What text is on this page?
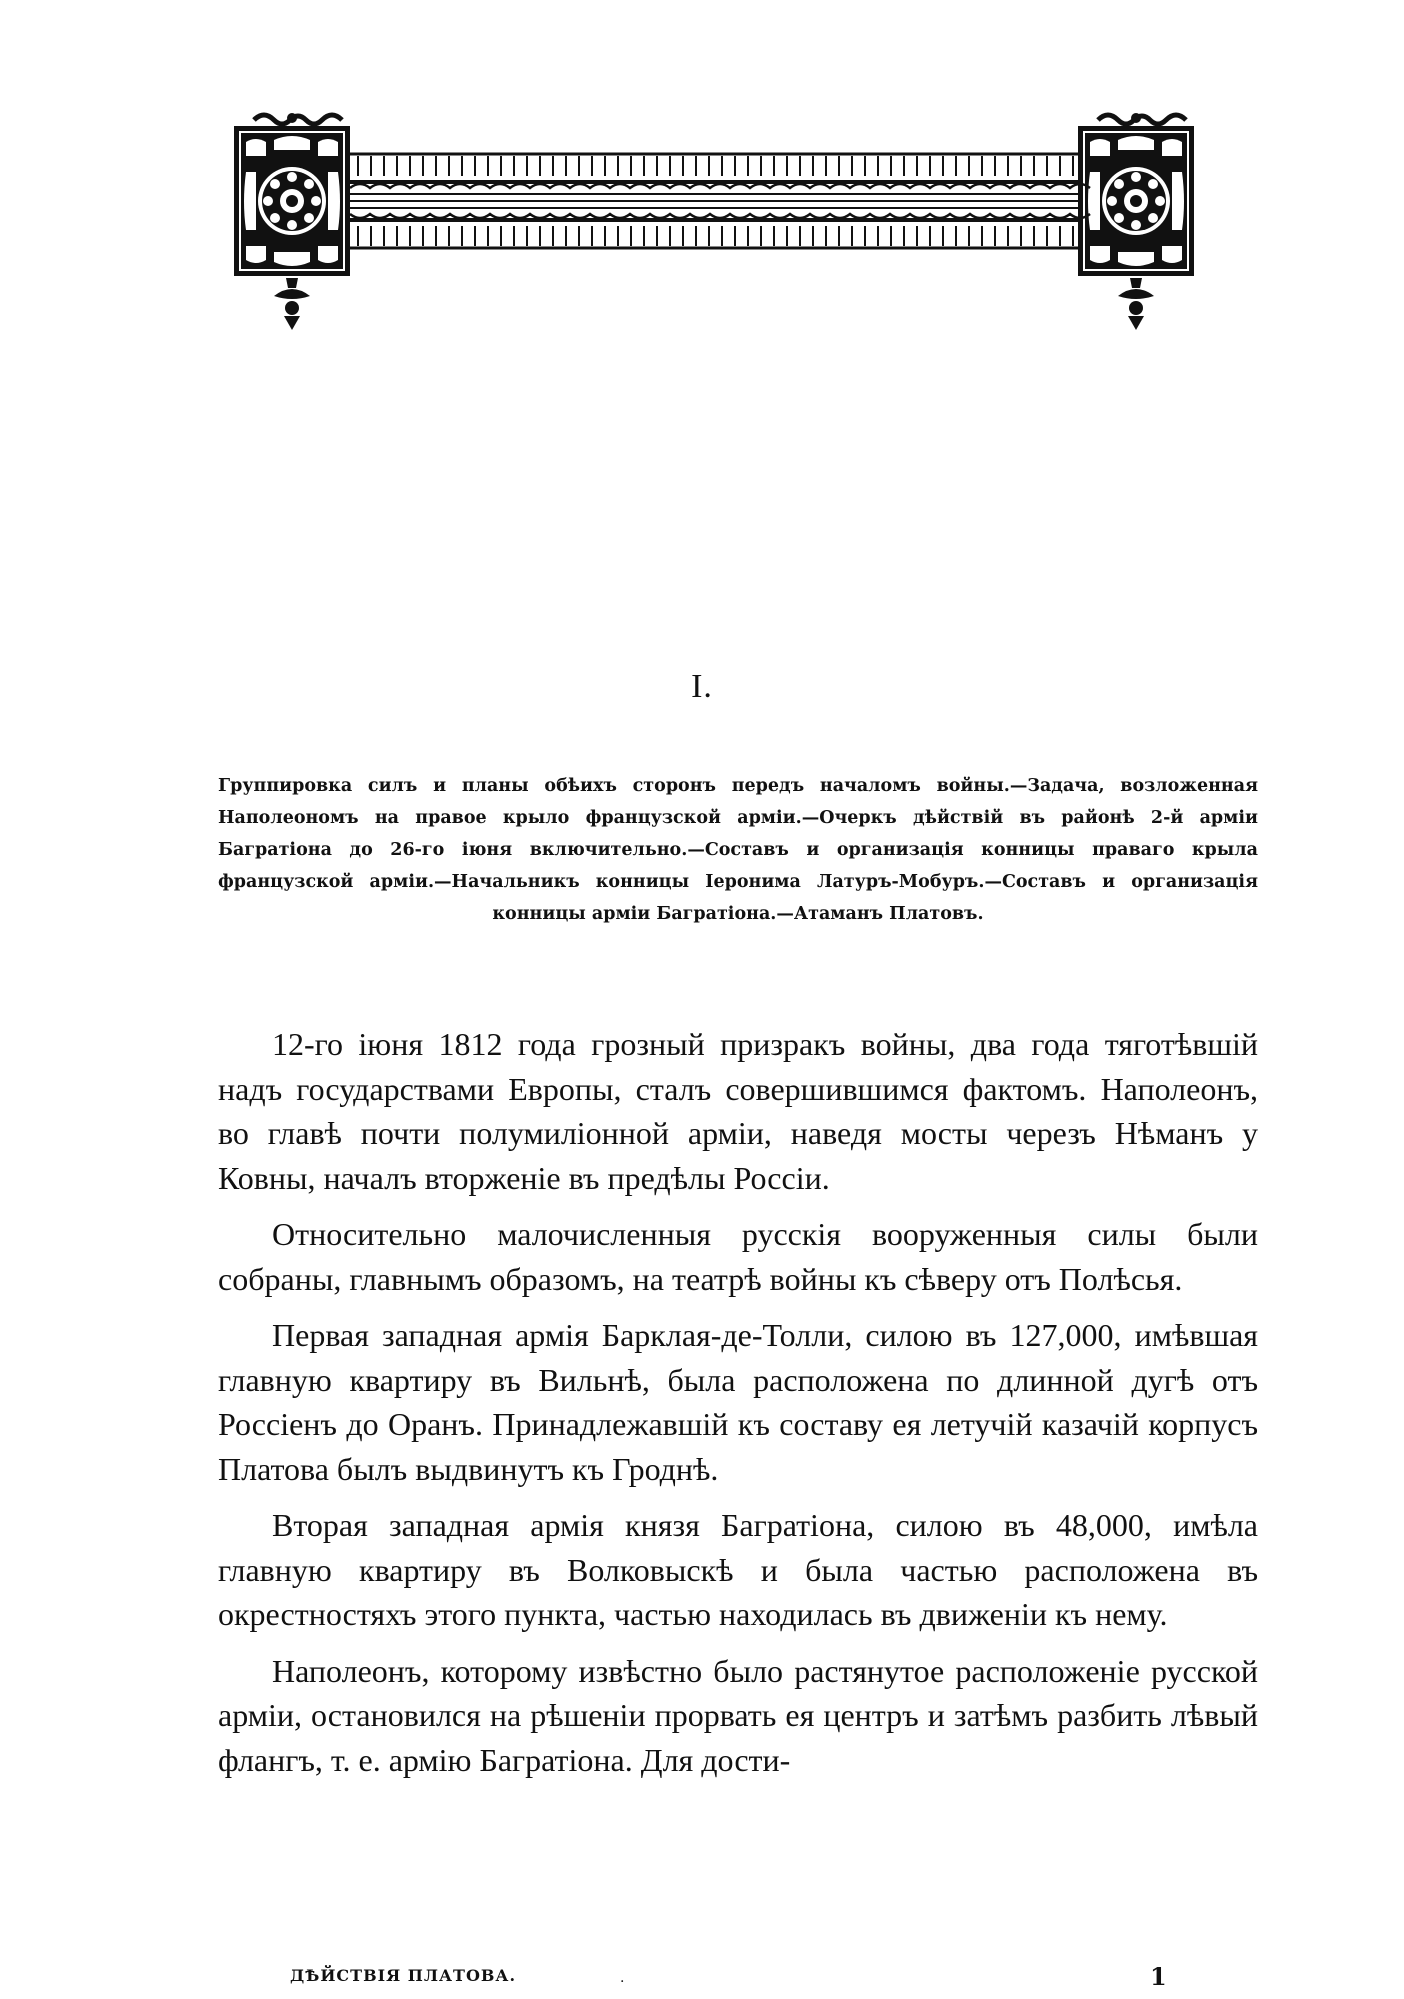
I.
Группировка силъ и планы обѣихъ сторонъ передъ началомъ войны.—Задача, возложенная Наполеономъ на правое крыло французской арміи.—Очеркъ дѣйствій въ районѣ 2-й арміи Багратіона до 26-го іюня включительно.—Составъ и организація конницы праваго крыла французской арміи.—Начальникъ конницы Іеронима Латуръ-Мобуръ.—Составъ и организація конницы арміи Багратіона.—Атаманъ Платовъ.

12-го іюня 1812 года грозный призракъ войны, два года тяготѣвшій надъ государствами Европы, сталъ совершившимся фактомъ. Наполеонъ, во главѣ почти полумиліонной арміи, наведя мосты черезъ Нѣманъ у Ковны, началъ вторженіе въ предѣлы Россіи.

Относительно малочисленныя русскія вооруженныя силы были собраны, главнымъ образомъ, на театрѣ войны къ сѣверу отъ Полѣсья.

Первая западная армія Барклая-де-Толли, силою въ 127,000, имѣвшая главную квартиру въ Вильнѣ, была расположена по длинной дугѣ отъ Россіенъ до Оранъ. Принадлежавшій къ составу ея летучій казачій корпусъ Платова былъ выдвинутъ къ Гроднѣ.

Вторая западная армія князя Багратіона, силою въ 48,000, имѣла главную квартиру въ Волковыскѣ и была частью расположена въ окрестностяхъ этого пункта, частью находилась въ движеніи къ нему.

Наполеонъ, которому извѣстно было растянутое расположеніе русской арміи, остановился на рѣшеніи прорвать ея центръ и затѣмъ разбить лѣвый флангъ, т. е. армію Багратіона. Для дости-

ДѢЙСТВІЯ ПЛАТОВА.	·	1
